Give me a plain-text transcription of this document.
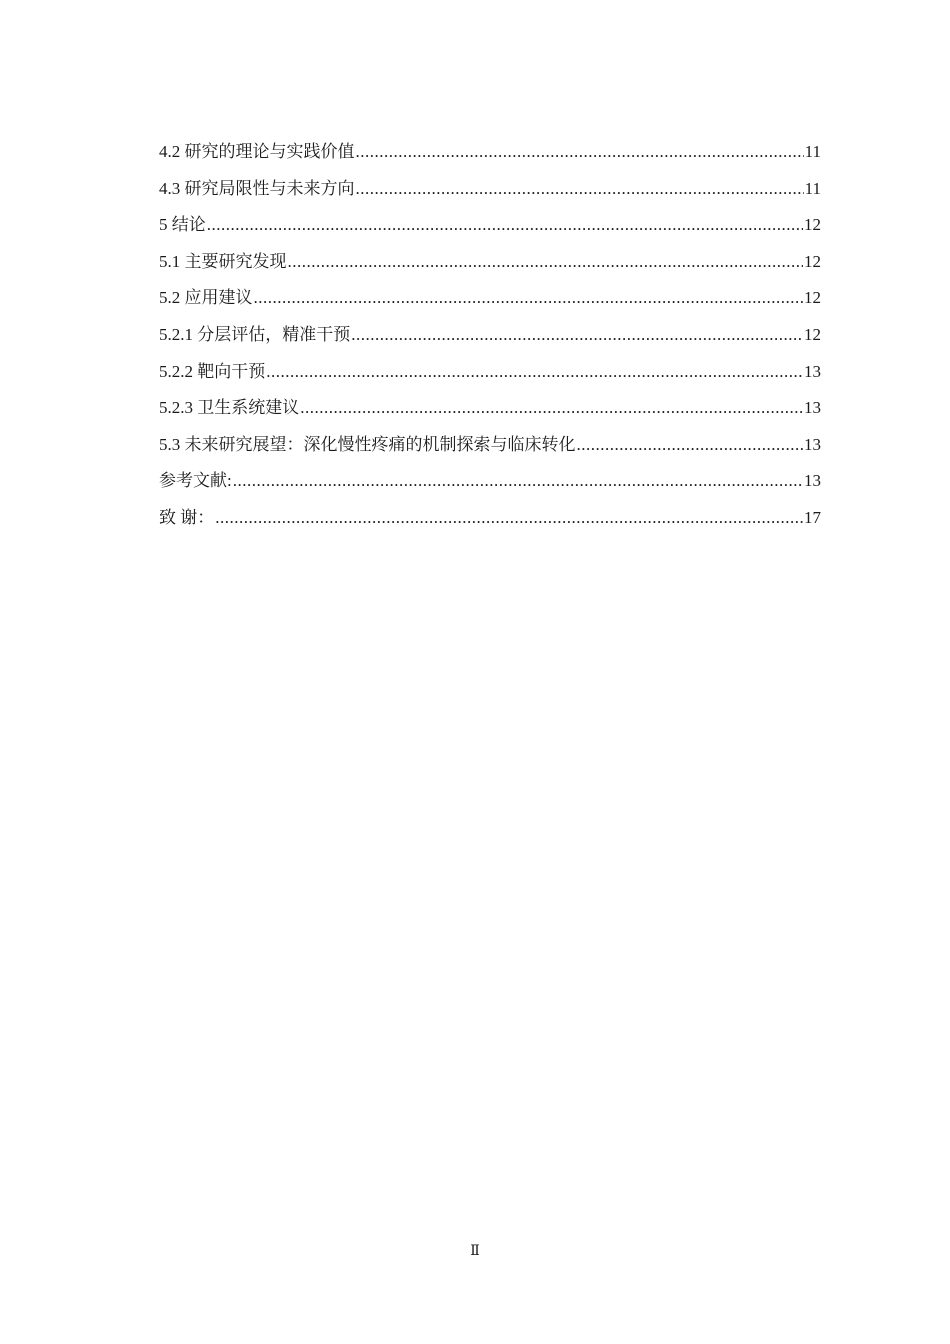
4.2 研究的理论与实践价值 .....	11
4.3 研究局限性与未来方向 .....	11
5 结论 .....	12
5.1 主要研究发现 .....	12
5.2 应用建议 .....	12
5.2.1 分层评估，精准干预 .....	12
5.2.2 靶向干预 .....	13
5.2.3 卫生系统建议 .....	13
5.3 未来研究展望：深化慢性疼痛的机制探索与临床转化 .....	13
参考文献: .....	13
致 谢： .....	17
Ⅱ
